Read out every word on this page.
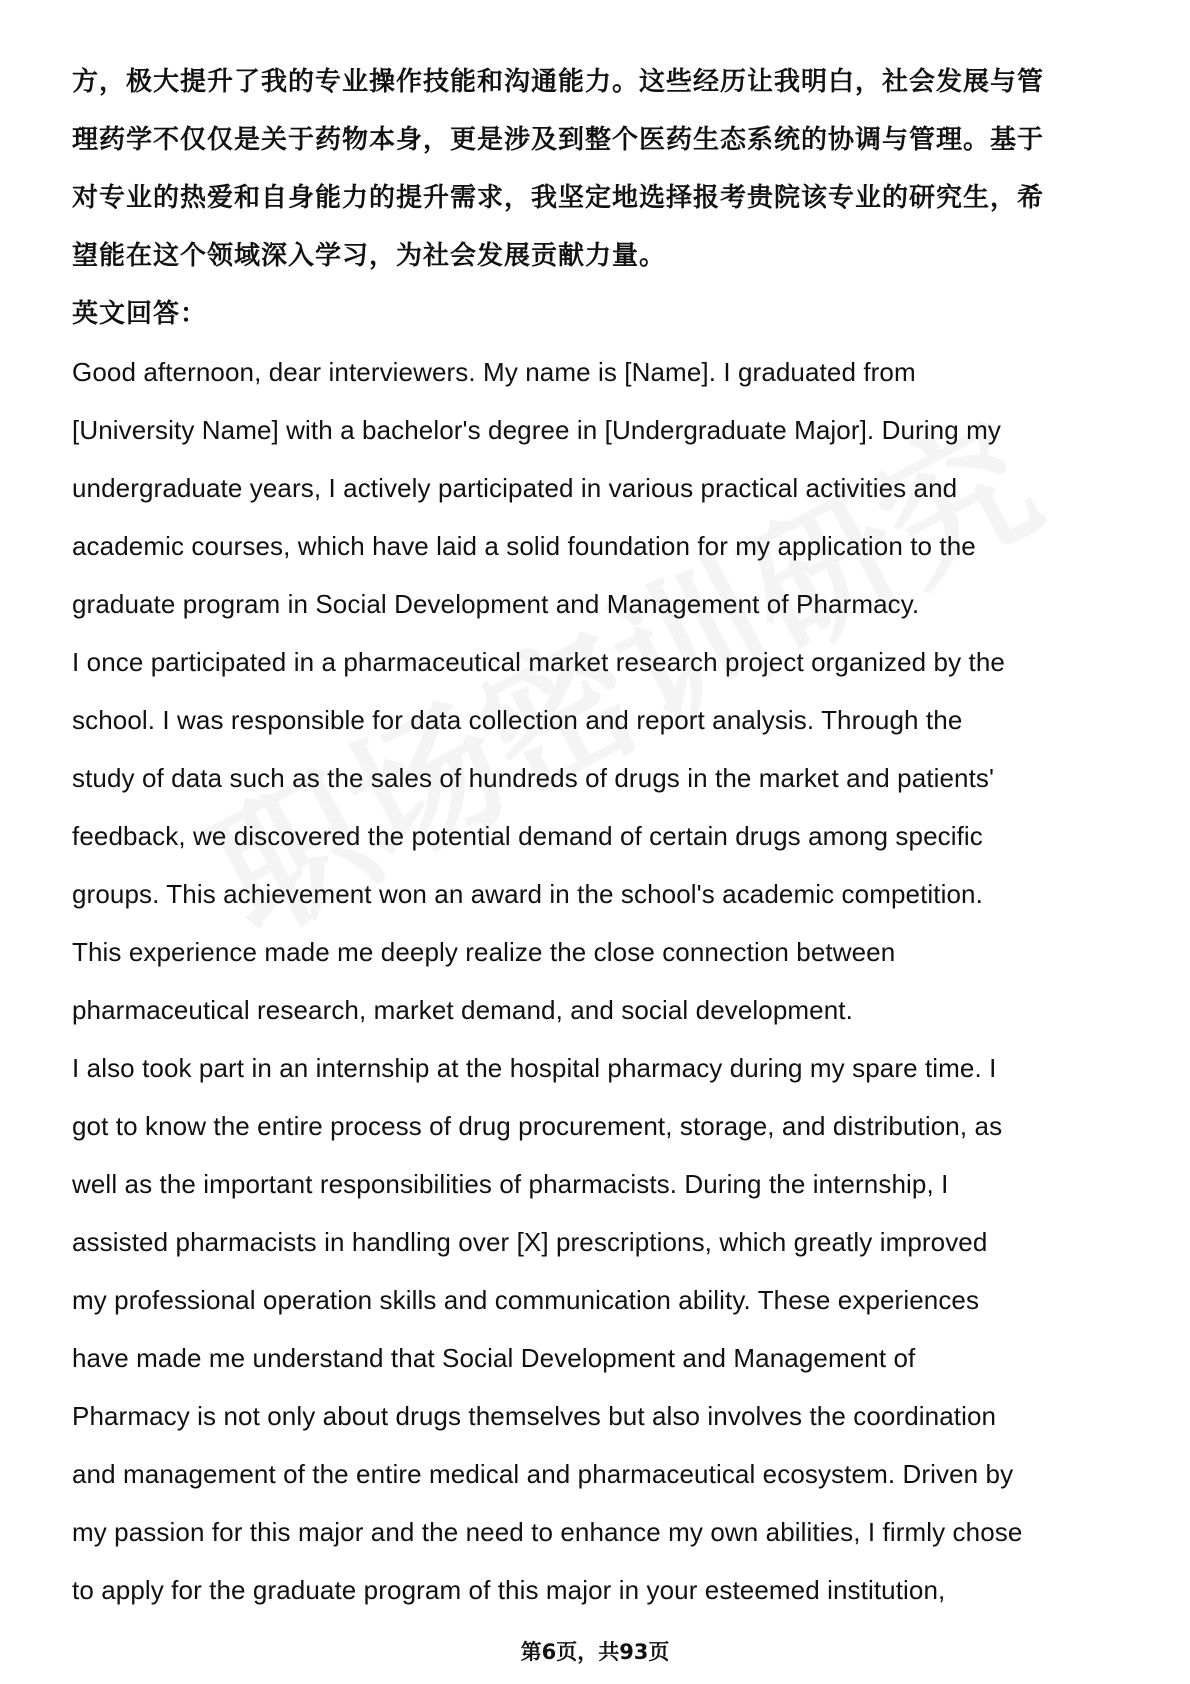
方，极大提升了我的专业操作技能和沟通能力。这些经历让我明白，社会发展与管
理药学不仅仅是关于药物本身，更是涉及到整个医药生态系统的协调与管理。基于
对专业的热爱和自身能力的提升需求，我坚定地选择报考贵院该专业的研究生，希
望能在这个领域深入学习，为社会发展贡献力量。
英文回答：
Good afternoon, dear interviewers. My name is [Name]. I graduated from
[University Name] with a bachelor's degree in [Undergraduate Major]. During my
undergraduate years, I actively participated in various practical activities and
academic courses, which have laid a solid foundation for my application to the
graduate program in Social Development and Management of Pharmacy.
I once participated in a pharmaceutical market research project organized by the
school. I was responsible for data collection and report analysis. Through the
study of data such as the sales of hundreds of drugs in the market and patients'
feedback, we discovered the potential demand of certain drugs among specific
groups. This achievement won an award in the school's academic competition.
This experience made me deeply realize the close connection between
pharmaceutical research, market demand, and social development.
I also took part in an internship at the hospital pharmacy during my spare time. I
got to know the entire process of drug procurement, storage, and distribution, as
well as the important responsibilities of pharmacists. During the internship, I
assisted pharmacists in handling over [X] prescriptions, which greatly improved
my professional operation skills and communication ability. These experiences
have made me understand that Social Development and Management of
Pharmacy is not only about drugs themselves but also involves the coordination
and management of the entire medical and pharmaceutical ecosystem. Driven by
my passion for this major and the need to enhance my own abilities, I firmly chose
to apply for the graduate program of this major in your esteemed institution,
第6页，共93页
